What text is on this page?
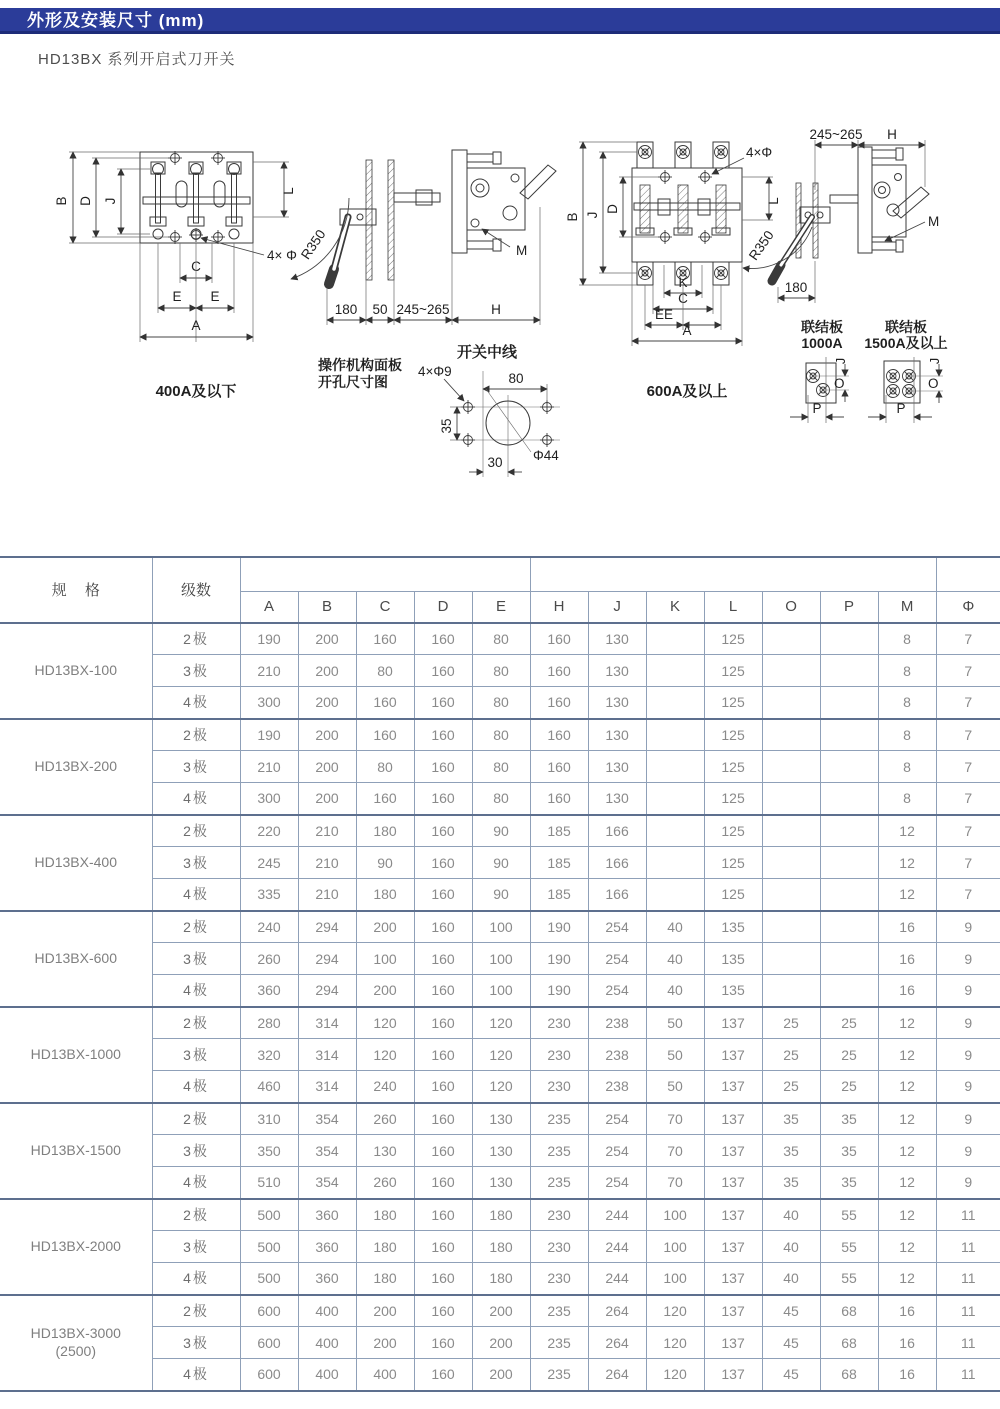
外形及安装尺寸 (mm)
HD13BX 系列开启式刀开关
B D J
L
C
E E
A
4× Φ
400A及以下
R350	M
180 50 245~265	H
操作机构面板
开孔尺寸图
开关中线
80
35
30 Φ44
4×Φ9
B J
D
4×Φ
L
K
C
EE
A
600A及以上
245~265 H
R350
180
M
联结板
1000A
O
J
P
联结板
1500A及以上
O
J
P
规 格	级数													
		A	B	C	D	E	H	J	K	L	O	P	M	Φ

HD13BX-100	2极	190	200	160	160	80	160	130		125			8	7
	3极	210	200	80	160	80	160	130		125			8	7
	4极	300	200	160	160	80	160	130		125			8	7

HD13BX-200	2极	190	200	160	160	80	160	130		125			8	7
	3极	210	200	80	160	80	160	130		125			8	7
	4极	300	200	160	160	80	160	130		125			8	7

HD13BX-400	2极	220	210	180	160	90	185	166		125			12	7
	3极	245	210	90	160	90	185	166		125			12	7
	4极	335	210	180	160	90	185	166		125			12	7

HD13BX-600	2极	240	294	200	160	100	190	254	40	135			16	9
	3极	260	294	100	160	100	190	254	40	135			16	9
	4极	360	294	200	160	100	190	254	40	135			16	9

HD13BX-1000	2极	280	314	120	160	120	230	238	50	137	25	25	12	9
	3极	320	314	120	160	120	230	238	50	137	25	25	12	9
	4极	460	314	240	160	120	230	238	50	137	25	25	12	9

HD13BX-1500	2极	310	354	260	160	130	235	254	70	137	35	35	12	9
	3极	350	354	130	160	130	235	254	70	137	35	35	12	9
	4极	510	354	260	160	130	235	254	70	137	35	35	12	9

HD13BX-2000	2极	500	360	180	160	180	230	244	100	137	40	55	12	11
	3极	500	360	180	160	180	230	244	100	137	40	55	12	11
	4极	500	360	180	160	180	230	244	100	137	40	55	12	11

HD13BX-3000
(2500)	2极	600	400	200	160	200	235	264	120	137	45	68	16	11
	3极	600	400	200	160	200	235	264	120	137	45	68	16	11
	4极	600	400	400	160	200	235	264	120	137	45	68	16	11
